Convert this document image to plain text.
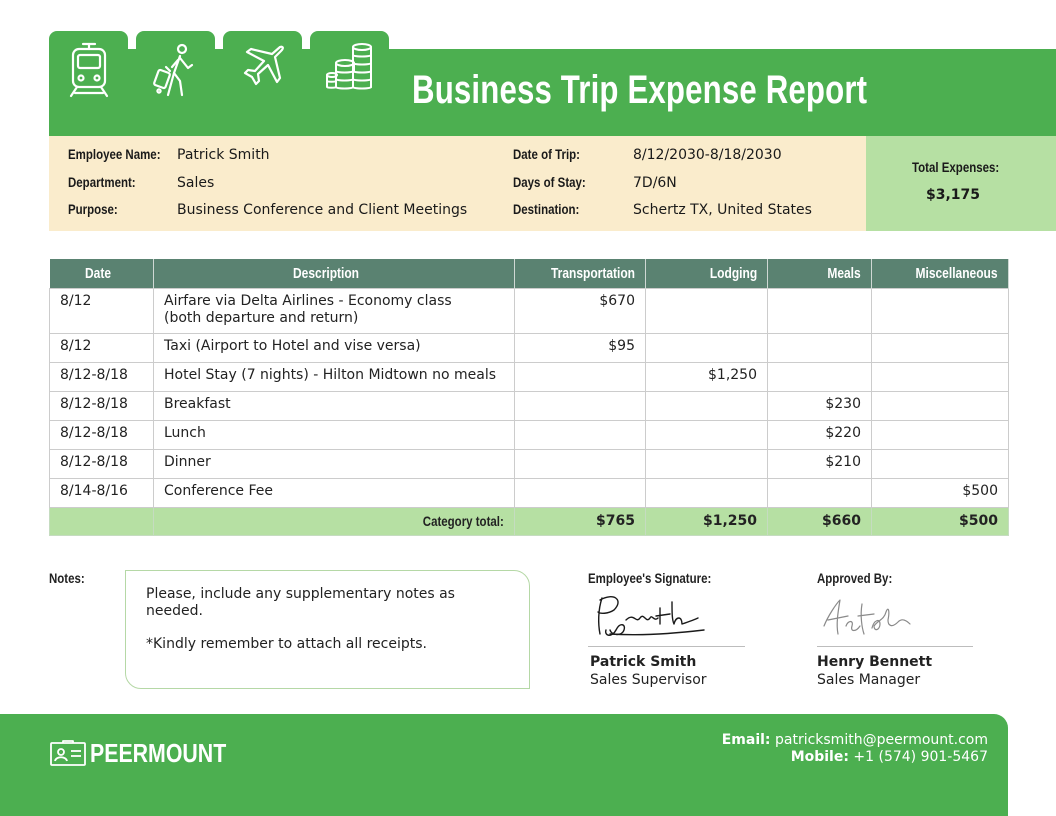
Business Trip Expense Report
Employee Name: Patrick Smith
Department:	Sales
Purpose:	Business Conference and Client Meetings
Date of Trip:	8/12/2030-8/18/2030
Days of Stay:	7D/6N
Destination:	Schertz TX, United States
Total Expenses:
$3,175
Date	Description	Transportation	Lodging	Meals	Miscellaneous
8/12	Airfare via Delta Airlines - Economy class (both departure and return)	$670			
8/12	Taxi (Airport to Hotel and vise versa)	$95			
8/12-8/18	Hotel Stay (7 nights) - Hilton Midtown no meals		$1,250		
8/12-8/18	Breakfast			$230	
8/12-8/18	Lunch			$220	
8/12-8/18	Dinner			$210	
8/14-8/16	Conference Fee				$500
	Category total:	$765	$1,250	$660	$500
Notes:

Please, include any supplementary notes as needed.

*Kindly remember to attach all receipts.

Employee's Signature:
Patrick Smith
Sales Supervisor
Approved By:
Henry Bennett
Sales Manager
PEERMOUNT	Email: patricksmith@peermount.com
Mobile: +1 (574) 901-5467
